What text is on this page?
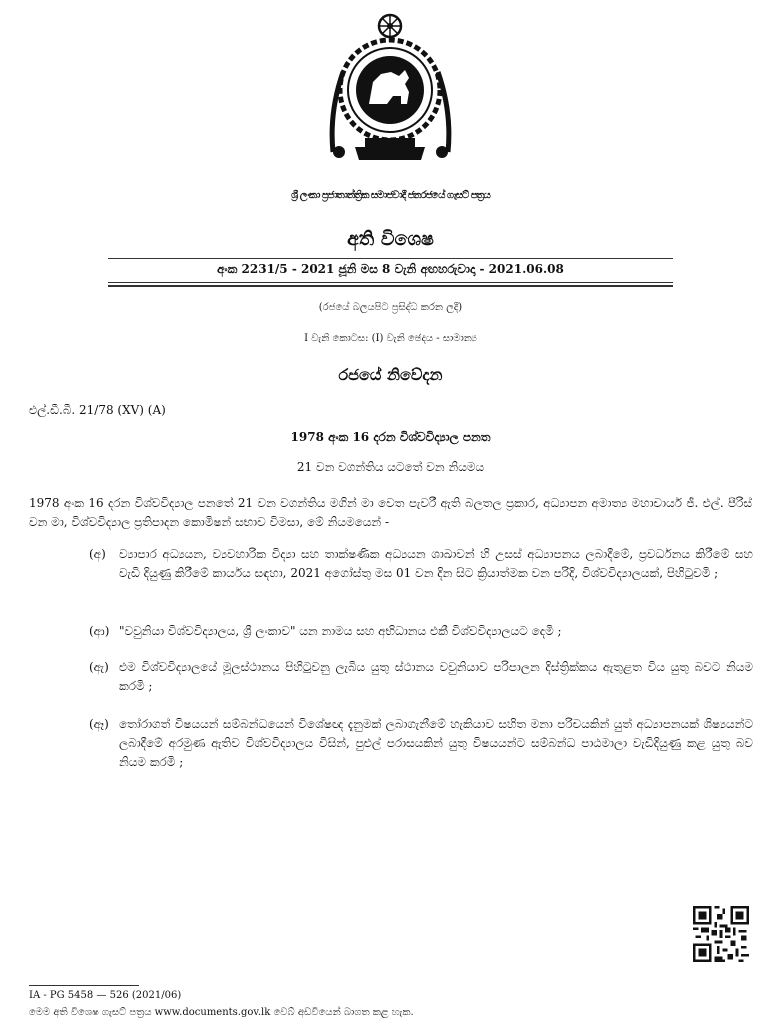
ශ්‍රී ලංකා ප්‍රජාතාන්ත්‍රික සමාජවාදී ජනරජයේ ගැසට් පත්‍රය
අති විශෙෂ
අංක 2231/5 - 2021 ජූනි මස 8 වැනි අඟහරුවාදා - 2021.06.08
(රජයේ බලයපිට ප්‍රසිද්ධ කරන ලදී)
I වැනි කොටස: (I) වැනි ඡෙදය - සාමාන්‍ය
රජයේ නිවේදන
එල්.ඩී.බී. 21/78 (XV) (A)
1978 අංක 16 දරන විශ්වවිද්‍යාල පනත
21 වන වගන්තිය යටතේ වන නියමය
1978 අංක 16 දරන විශ්වවිද්‍යාල පනතේ 21 වන වගන්තිය මගින් මා වෙත පැවරී ඇති බලතල ප්‍රකාර, අධ්‍යාපන අමාත්‍ය මහාචාර්ය ජී. එල්. පීරිස් වන මා, විශ්වවිද්‍යාල ප්‍රතිපාදන කොමිෂන් සභාව විමසා, මේ නියමයෙන් -
(අ)	ව්‍යාපාර අධ්‍යයන, ව්‍යවහාරික විද්‍යා සහ තාක්ෂණික අධ්‍යයන ශාඛාවන් හි උසස් අධ්‍යාපනය ලබාදීමේ, ප්‍රවර්ධනය කිරීමේ සහ වැඩි දියුණු කිරීමේ කාර්යය සඳහා, 2021 අගෝස්තු මස 01 වන දින සිට ක්‍රියාත්මක වන පරිදි, විශ්වවිද්‍යාලයක්, පිහිටුවමි ;
(ආ) "වවුනියා විශ්වවිද්‍යාලය, ශ්‍රී ලංකාව" යන නාමය සහ අභිධානය එකී විශ්වවිද්‍යාලයට දෙමි ;
(ඇ) එම විශ්වවිද්‍යාලයේ මූලස්ථානය පිහිටුවනු ලැබිය යුතු ස්ථානය වවුනියාව පරිපාලන දිස්ත්‍රික්කය ඇතුළත විය යුතු බවට නියම කරමි ;
(ඈ) තෝරාගත් විෂයයන් සම්බන්ධයෙන් විශේෂඥ දැනුමක් ලබාගැනීමේ හැකියාව සහිත මනා පරිචයකින් යුත් අධ්‍යාපනයක් ශිෂ්‍යයන්ට ලබාදීමේ අරමුණ ඇතිව විශ්වවිද්‍යාලය විසින්, පුළුල් පරාසයකින් යුතු විෂයයන්ට සම්බන්ධ පාඨමාලා වැඩිදියුණු කළ යුතු බව නියම කරමි ;
IA - PG 5458 — 526 (2021/06)
මෙම අති විශෙෂ ගැසට් පත්‍රය www.documents.gov.lk වෙබ් අඩවියෙන් බාගත කළ හැක.
